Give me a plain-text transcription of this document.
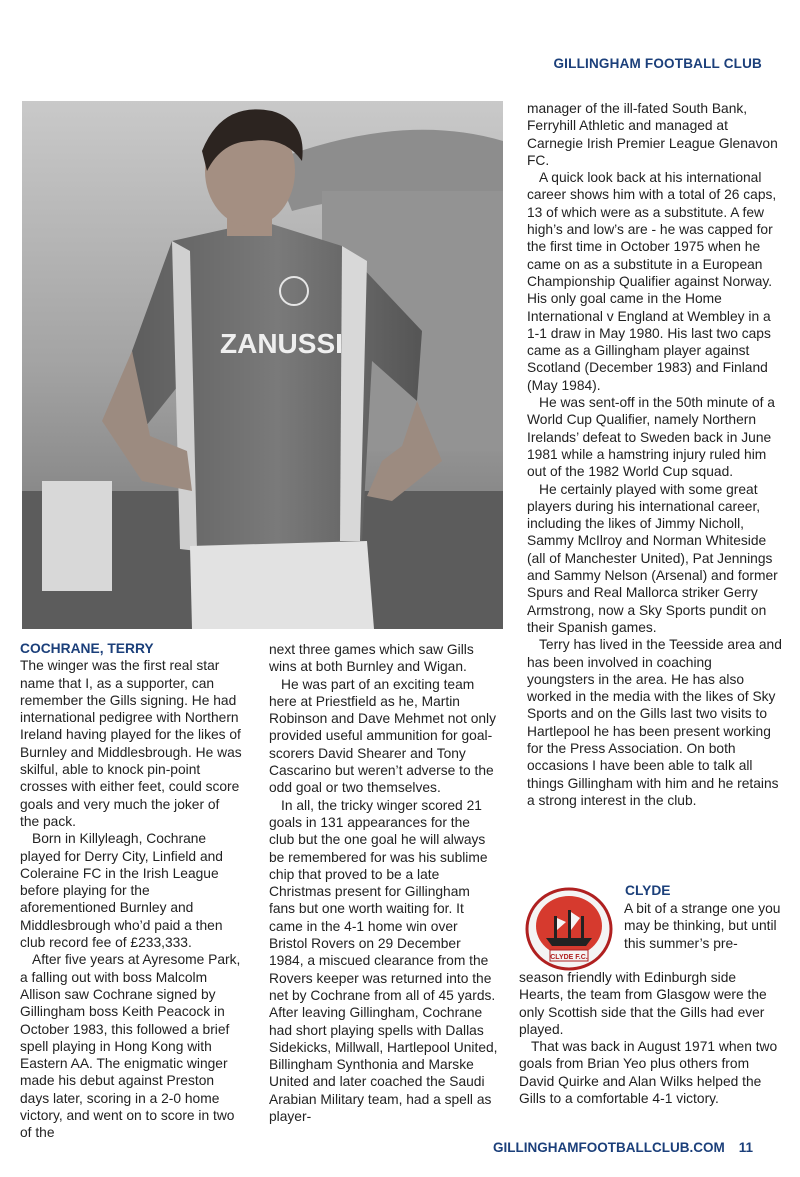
GILLINGHAM FOOTBALL CLUB
ZANUSSI

COCHRANE, TERRY

The winger was the first real star name that I, as a supporter, can remember the Gills signing. He had international pedigree with Northern Ireland having played for the likes of Burnley and Middlesbrough. He was skilful, able to knock pin-point crosses with either feet, could score goals and very much the joker of the pack.

Born in Killyleagh, Cochrane played for Derry City, Linfield and Coleraine FC in the Irish League before playing for the aforementioned Burnley and Middlesbrough who’d paid a then club record fee of £233,333.

After five years at Ayresome Park, a falling out with boss Malcolm Allison saw Cochrane signed by Gillingham boss Keith Peacock in October 1983, this followed a brief spell playing in Hong Kong with Eastern AA. The enigmatic winger made his debut against Preston days later, scoring in a 2-0 home victory, and went on to score in two of the

next three games which saw Gills wins at both Burnley and Wigan.

He was part of an exciting team here at Priestfield as he, Martin Robinson and Dave Mehmet not only provided useful ammunition for goal-scorers David Shearer and Tony Cascarino but weren’t adverse to the odd goal or two themselves.

In all, the tricky winger scored 21 goals in 131 appearances for the club but the one goal he will always be remembered for was his sublime chip that proved to be a late Christmas present for Gillingham fans but one worth waiting for. It came in the 4-1 home win over Bristol Rovers on 29 December 1984, a miscued clearance from the Rovers keeper was returned into the net by Cochrane from all of 45 yards. After leaving Gillingham, Cochrane had short playing spells with Dallas Sidekicks, Millwall, Hartlepool United, Billingham Synthonia and Marske United and later coached the Saudi Arabian Military team, had a spell as player-

manager of the ill-fated South Bank, Ferryhill Athletic and managed at Carnegie Irish Premier League Glenavon FC.

A quick look back at his international career shows him with a total of 26 caps, 13 of which were as a substitute. A few high’s and low’s are - he was capped for the first time in October 1975 when he came on as a substitute in a European Championship Qualifier against Norway. His only goal came in the Home International v England at Wembley in a 1-1 draw in May 1980. His last two caps came as a Gillingham player against Scotland (December 1983) and Finland (May 1984).

He was sent-off in the 50th minute of a World Cup Qualifier, namely Northern Irelands’ defeat to Sweden back in June 1981 while a hamstring injury ruled him out of the 1982 World Cup squad.

He certainly played with some great players during his international career, including the likes of Jimmy Nicholl, Sammy McIlroy and Norman Whiteside (all of Manchester United), Pat Jennings and Sammy Nelson (Arsenal) and former Spurs and Real Mallorca striker Gerry Armstrong, now a Sky Sports pundit on their Spanish games.

Terry has lived in the Teesside area and has been involved in coaching youngsters in the area. He has also worked in the media with the likes of Sky Sports and on the Gills last two visits to Hartlepool he has been present working for the Press Association. On both occasions I have been able to talk all things Gillingham with him and he retains a strong interest in the club.

CLYDE
CLYDE F.C.
A bit of a strange one you may be thinking, but until this summer’s pre-

season friendly with Edinburgh side Hearts, the team from Glasgow were the only Scottish side that the Gills had ever played.

That was back in August 1971 when two goals from Brian Yeo plus others from David Quirke and Alan Wilks helped the Gills to a comfortable 4-1 victory.

GILLINGHAMFOOTBALLCLUB.COM 11
